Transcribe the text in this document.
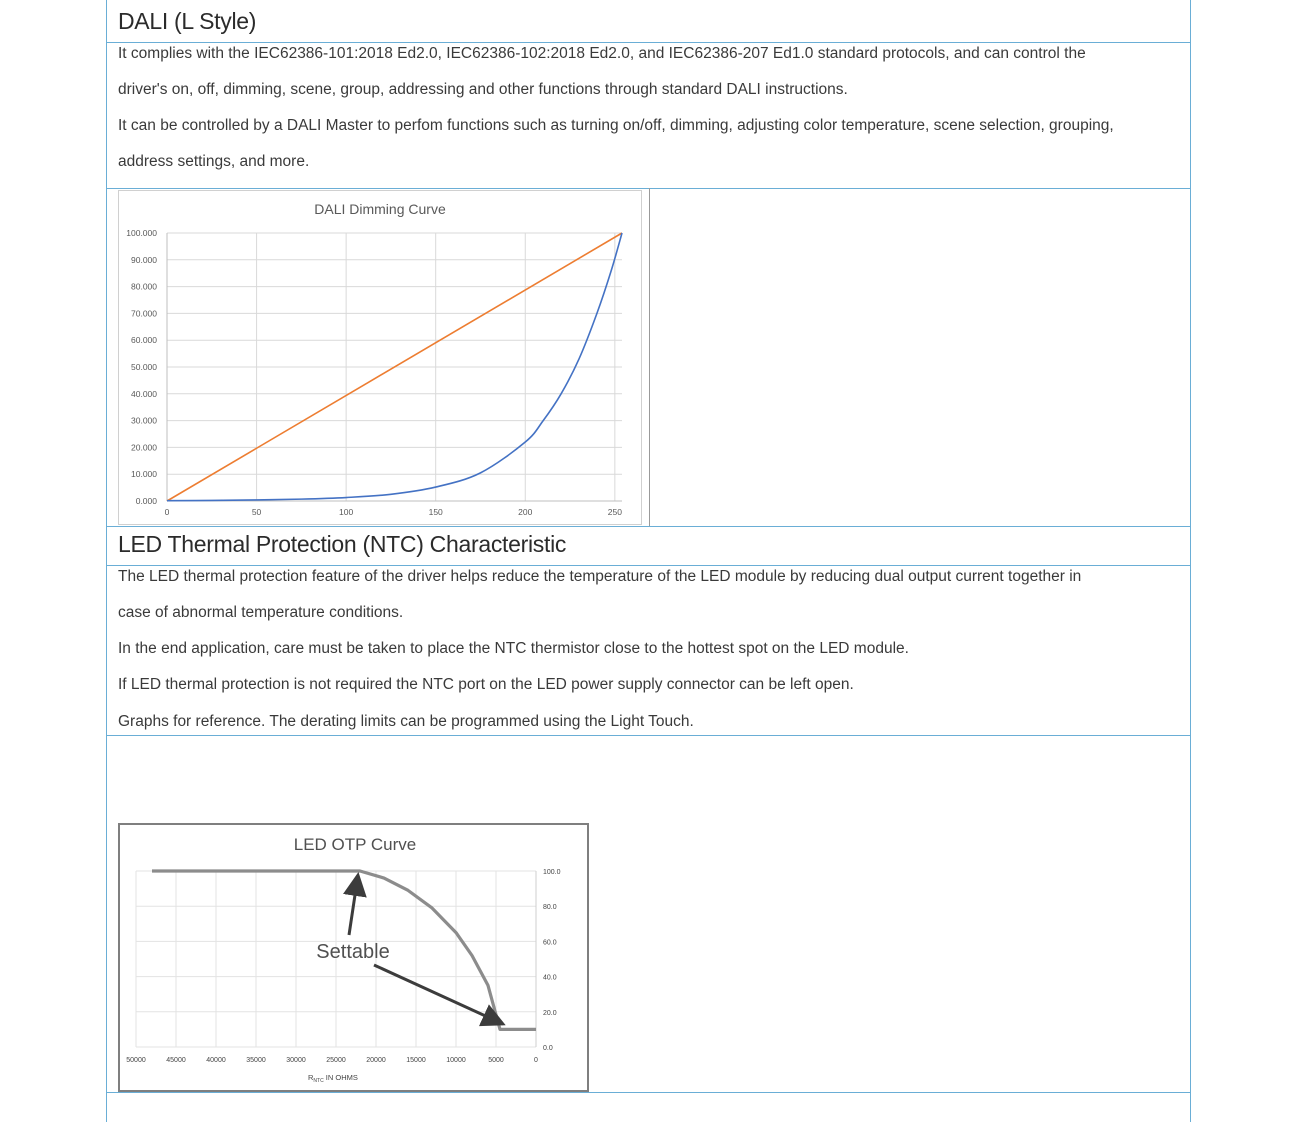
DALI (L Style)
It complies with the IEC62386-101:2018 Ed2.0, IEC62386-102:2018 Ed2.0, and IEC62386-207 Ed1.0 standard protocols, and can control the
driver's on, off, dimming, scene, group, addressing and other functions through standard DALI instructions.
It can be controlled by a DALI Master to perfom functions such as turning on/off, dimming, adjusting color temperature, scene selection, grouping,
address settings, and more.
DALI Dimming Curve
0.000
10.000
20.000
30.000
40.000
50.000
60.000
70.000
80.000
90.000
100.000
0	50	100	150	200	250
LED Thermal Protection (NTC) Characteristic
The LED thermal protection feature of the driver helps reduce the temperature of the LED module by reducing dual output current together in
case of abnormal temperature conditions.
In the end application, care must be taken to place the NTC thermistor close to the hottest spot on the LED module.
If LED thermal protection is not required the NTC port on the LED power supply connector can be left open.
Graphs for reference. The derating limits can be programmed using the Light Touch.
LED OTP Curve
0.0
20.0
40.0
60.0
80.0
100.0
50000	45000	40000	35000	30000	25000	20000	15000	10000	5000	0
$R_{NTC}$ IN OHMS
Settable
